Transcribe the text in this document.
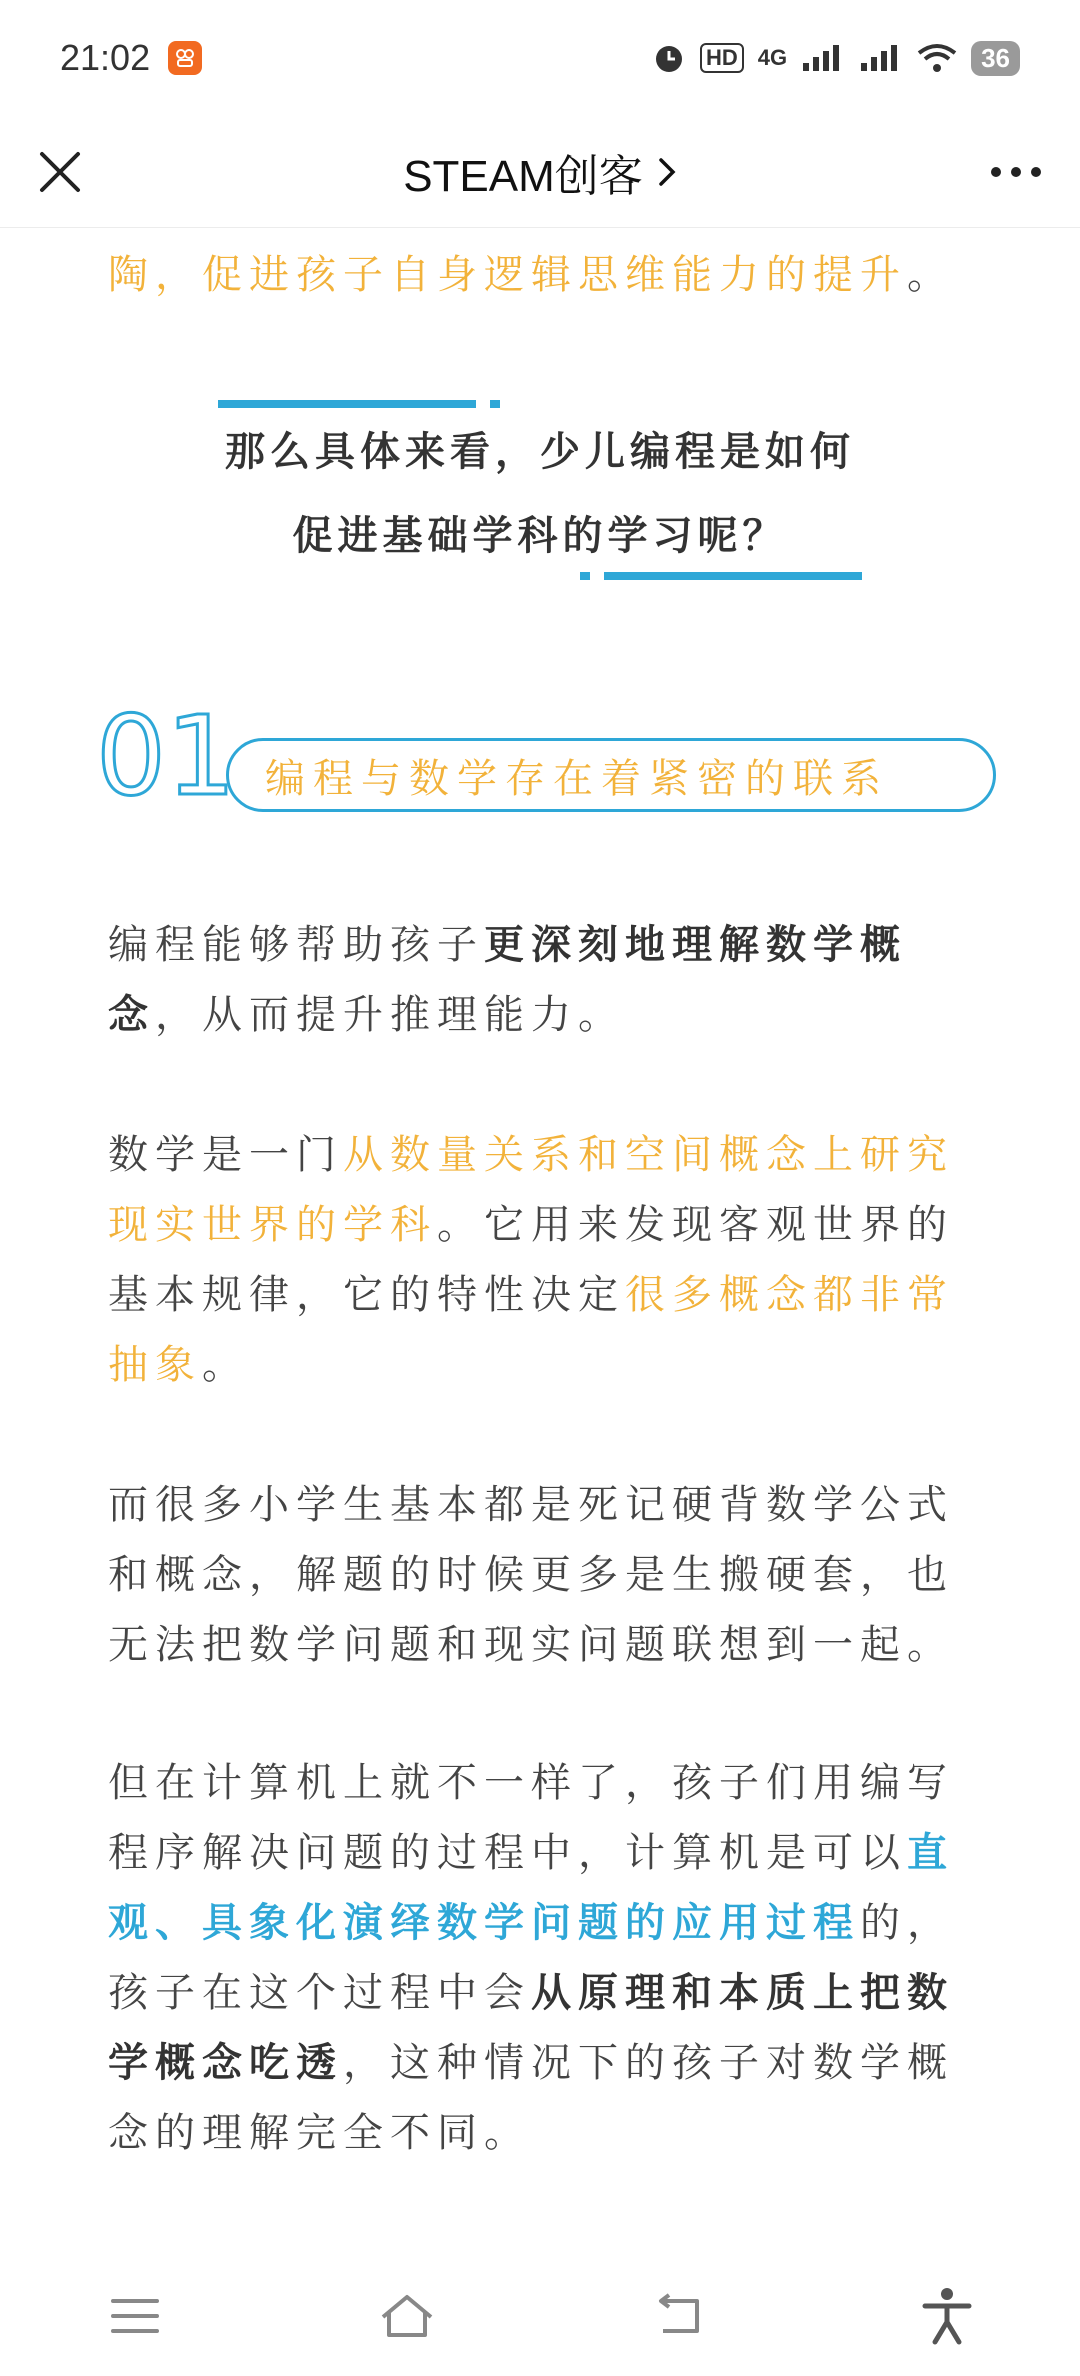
21:02	HD 4G	36
STEAM创客
陶，促进孩子自身逻辑思维能力的提升。
那么具体来看，少儿编程是如何
促进基础学科的学习呢？
01 编程与数学存在着紧密的联系
编程能够帮助孩子更深刻地理解数学概念，从而提升推理能力。
数学是一门从数量关系和空间概念上研究现实世界的学科。它用来发现客观世界的基本规律，它的特性决定很多概念都非常抽象。
而很多小学生基本都是死记硬背数学公式和概念，解题的时候更多是生搬硬套，也无法把数学问题和现实问题联想到一起。
但在计算机上就不一样了，孩子们用编写程序解决问题的过程中，计算机是可以直观、具象化演绎数学问题的应用过程的，孩子在这个过程中会从原理和本质上把数学概念吃透，这种情况下的孩子对数学概念的理解完全不同。
